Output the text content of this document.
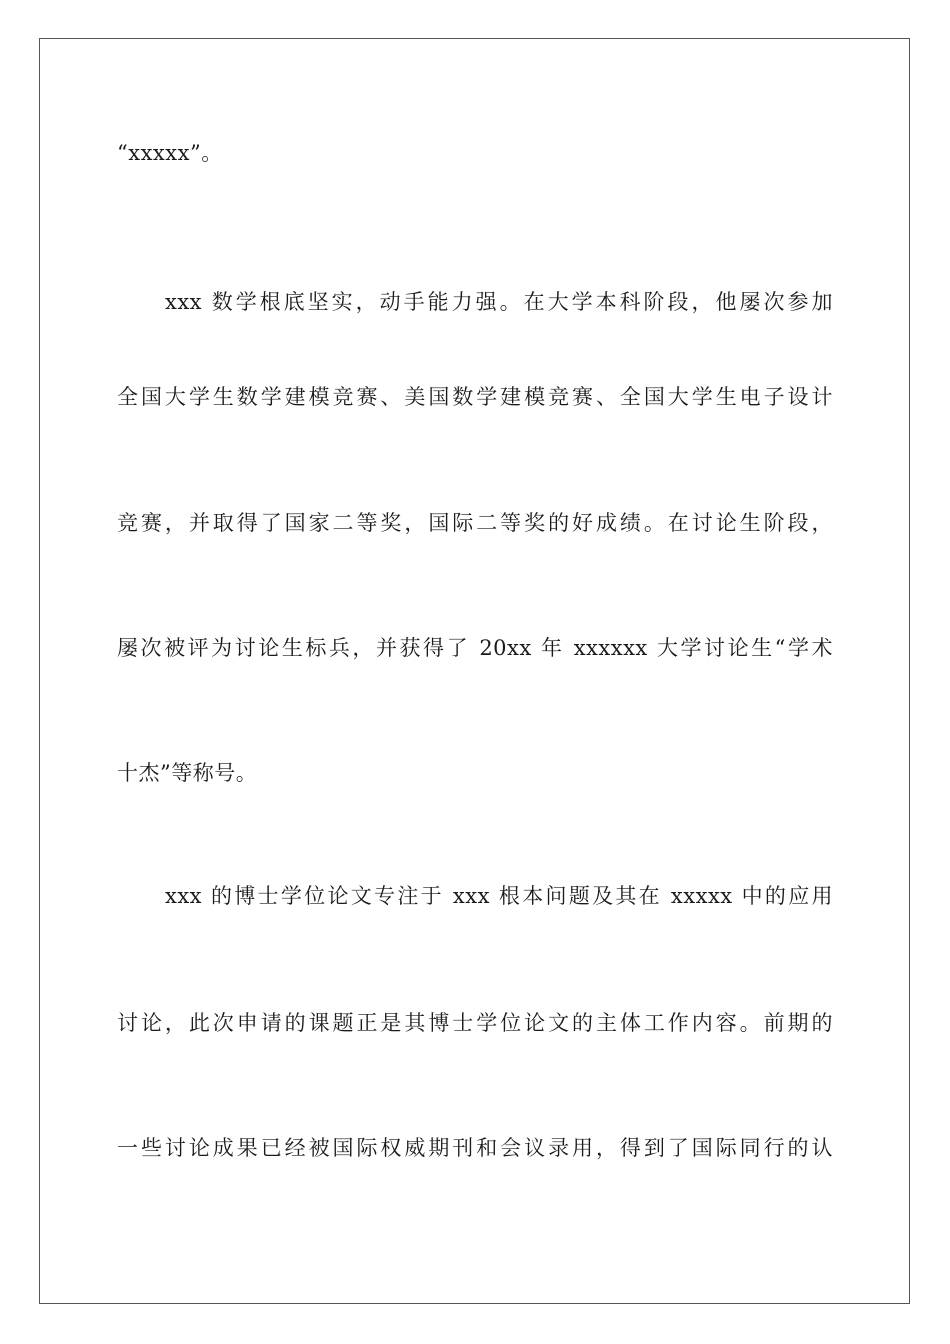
“xxxxx”。
xxx 数学根底坚实，动手能力强。在大学本科阶段，他屡次参加
全国大学生数学建模竞赛、美国数学建模竞赛、全国大学生电子设计
竞赛，并取得了国家二等奖，国际二等奖的好成绩。在讨论生阶段，
屡次被评为讨论生标兵，并获得了 20xx 年 xxxxxx 大学讨论生“学术
十杰”等称号。
xxx 的博士学位论文专注于 xxx 根本问题及其在 xxxxx 中的应用
讨论，此次申请的课题正是其博士学位论文的主体工作内容。前期的
一些讨论成果已经被国际权威期刊和会议录用，得到了国际同行的认
